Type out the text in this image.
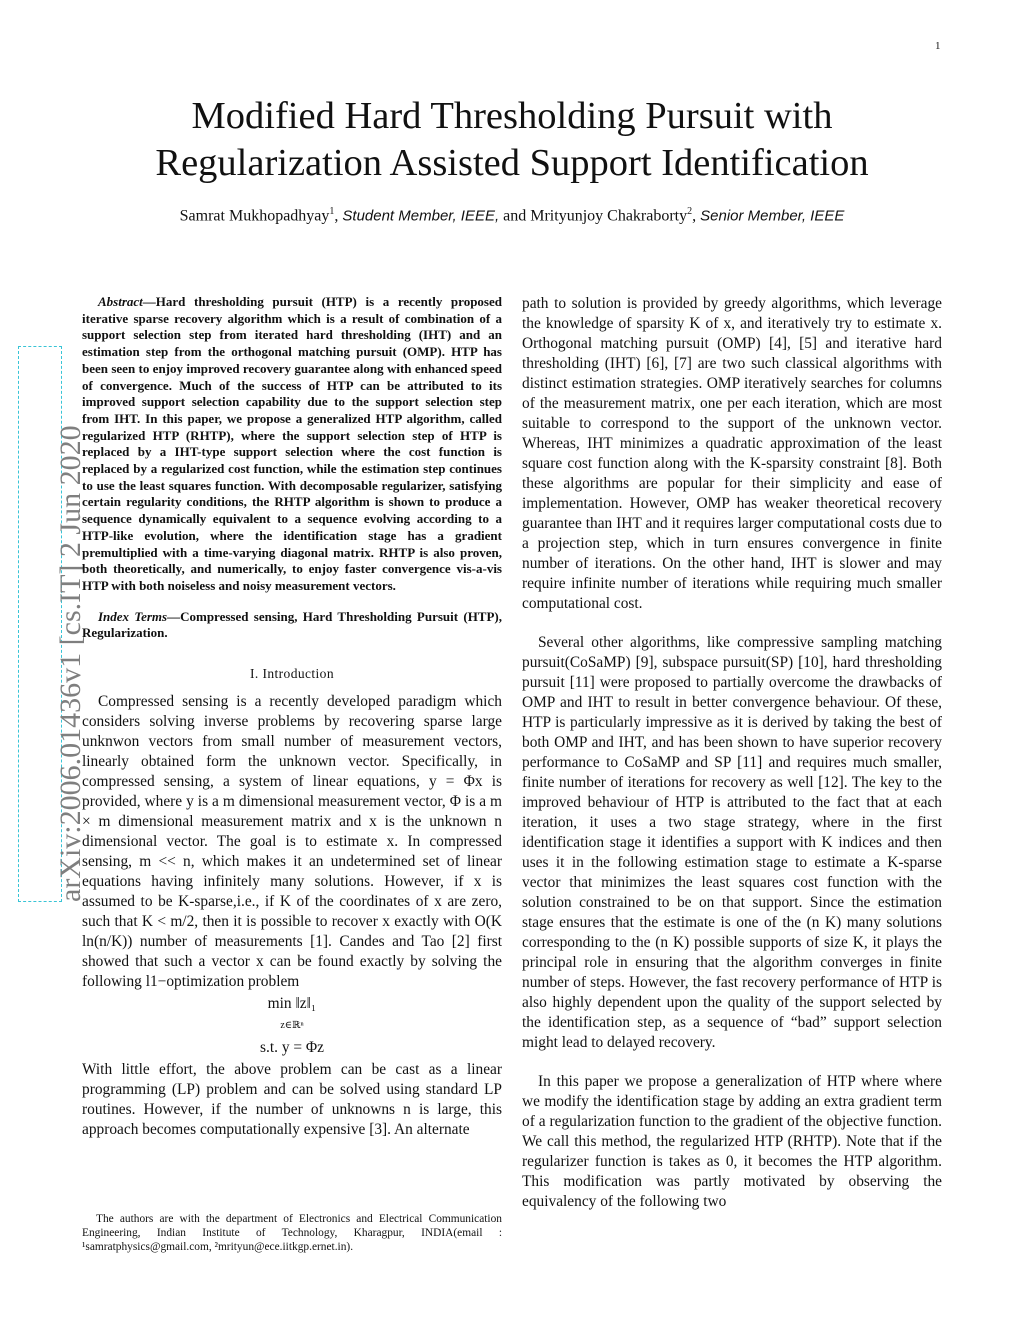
1
arXiv:2006.01436v1 [cs.IT] 2 Jun 2020
Modified Hard Thresholding Pursuit with
Regularization Assisted Support Identification
Samrat Mukhopadhyay$^1$, Student Member, IEEE, and Mrityunjoy Chakraborty$^2$, Senior Member, IEEE

Abstract—Hard thresholding pursuit (HTP) is a recently proposed iterative sparse recovery algorithm which is a result of combination of a support selection step from iterated hard thresholding (IHT) and an estimation step from the orthogonal matching pursuit (OMP). HTP has been seen to enjoy improved recovery guarantee along with enhanced speed of convergence. Much of the success of HTP can be attributed to its improved support selection capability due to the support selection step from IHT. In this paper, we propose a generalized HTP algorithm, called regularized HTP (RHTP), where the support selection step of HTP is replaced by a IHT-type support selection where the cost function is replaced by a regularized cost function, while the estimation step continues to use the least squares function. With decomposable regularizer, satisfying certain regularity conditions, the RHTP algorithm is shown to produce a sequence dynamically equivalent to a sequence evolving according to a HTP-like evolution, where the identification stage has a gradient premultiplied with a time-varying diagonal matrix. RHTP is also proven, both theoretically, and numerically, to enjoy faster convergence vis-a-vis HTP with both noiseless and noisy measurement vectors.

Index Terms—Compressed sensing, Hard Thresholding Pursuit (HTP), Regularization.

I. Introduction

Compressed sensing is a recently developed paradigm which considers solving inverse problems by recovering sparse large unknwon vectors from small number of measurement vectors, linearly obtained form the unknown vector. Specifically, in compressed sensing, a system of linear equations, y = Φx is provided, where y is a m dimensional measurement vector, Φ is a m × m dimensional measurement matrix and x is the unknown n dimensional vector. The goal is to estimate x. In compressed sensing, m << n, which makes it an undetermined set of linear equations having infinitely many solutions. However, if x is assumed to be K-sparse,i.e., if K of the coordinates of x are zero, such that K < m/2, then it is possible to recover x exactly with O(K ln(n/K)) number of measurements [1]. Candes and Tao [2] first showed that such a vector x can be found exactly by solving the following l1−optimization problem

min ‖z‖₁
z∈ℝⁿ
s.t. y = Φz

With little effort, the above problem can be cast as a linear programming (LP) problem and can be solved using standard LP routines. However, if the number of unknowns n is large, this approach becomes computationally expensive [3]. An alternate

The authors are with the department of Electronics and Electrical Communication Engineering, Indian Institute of Technology, Kharagpur, INDIA(email : ¹samratphysics@gmail.com, ²mrityun@ece.iitkgp.ernet.in).

path to solution is provided by greedy algorithms, which leverage the knowledge of sparsity K of x, and iteratively try to estimate x. Orthogonal matching pursuit (OMP) [4], [5] and iterative hard thresholding (IHT) [6], [7] are two such classical algorithms with distinct estimation strategies. OMP iteratively searches for columns of the measurement matrix, one per each iteration, which are most suitable to correspond to the support of the unknown vector. Whereas, IHT minimizes a quadratic approximation of the least square cost function along with the K-sparsity constraint [8]. Both these algorithms are popular for their simplicity and ease of implementation. However, OMP has weaker theoretical recovery guarantee than IHT and it requires larger computational costs due to a projection step, which in turn ensures convergence in finite number of iterations. On the other hand, IHT is slower and may require infinite number of iterations while requiring much smaller computational cost.

Several other algorithms, like compressive sampling matching pursuit(CoSaMP) [9], subspace pursuit(SP) [10], hard thresholding pursuit [11] were proposed to partially overcome the drawbacks of OMP and IHT to result in better convergence behaviour. Of these, HTP is particularly impressive as it is derived by taking the best of both OMP and IHT, and has been shown to have superior recovery performance to CoSaMP and SP [11] and requires much smaller, finite number of iterations for recovery as well [12]. The key to the improved behaviour of HTP is attributed to the fact that at each iteration, it uses a two stage strategy, where in the first identification stage it identifies a support with K indices and then uses it in the following estimation stage to estimate a K-sparse vector that minimizes the least squares cost function with the solution constrained to be on that support. Since the estimation stage ensures that the estimate is one of the (n K) many solutions corresponding to the (n K) possible supports of size K, it plays the principal role in ensuring that the algorithm converges in finite number of steps. However, the fast recovery performance of HTP is also highly dependent upon the quality of the support selected by the identification step, as a sequence of “bad” support selection might lead to delayed recovery.

In this paper we propose a generalization of HTP where where we modify the identification stage by adding an extra gradient term of a regularization function to the gradient of the objective function. We call this method, the regularized HTP (RHTP). Note that if the regularizer function is takes as 0, it becomes the HTP algorithm. This modification was partly motivated by observing the equivalency of the following two
